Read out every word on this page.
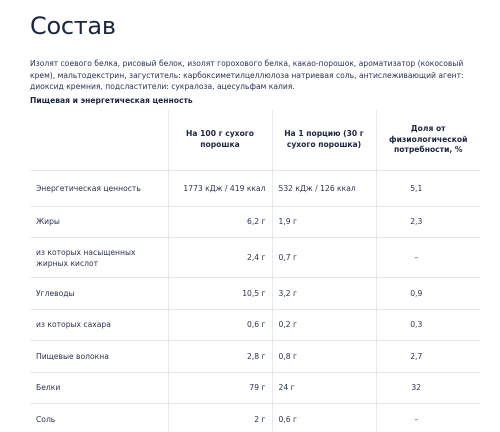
Состав

Изолят соевого белка, рисовый белок, изолят горохового белка, какао-порошок, ароматизатор (кокосовый крем), мальтодекстрин, загуститель: карбоксиметилцеллюлоза натриевая соль, антислеживающий агент: диоксид кремния, подсластители: сукралоза, ацесульфам калия.

Пищевая и энергетическая ценность
	На 100 г сухого порошка	На 1 порцию (30 г сухого порошка)	Доля от физиологической потребности, %
Энергетическая ценность	1773 кДж / 419 ккал	532 кДж / 126 ккал	5,1
Жиры	6,2 г	1,9 г	2,3
из которых насыщенных жирных кислот	2,4 г	0,7 г	–
Углеводы	10,5 г	3,2 г	0,9
из которых сахара	0,6 г	0,2 г	0,3
Пищевые волокна	2,8 г	0,8 г	2,7
Белки	79 г	24 г	32
Соль	2 г	0,6 г	–
